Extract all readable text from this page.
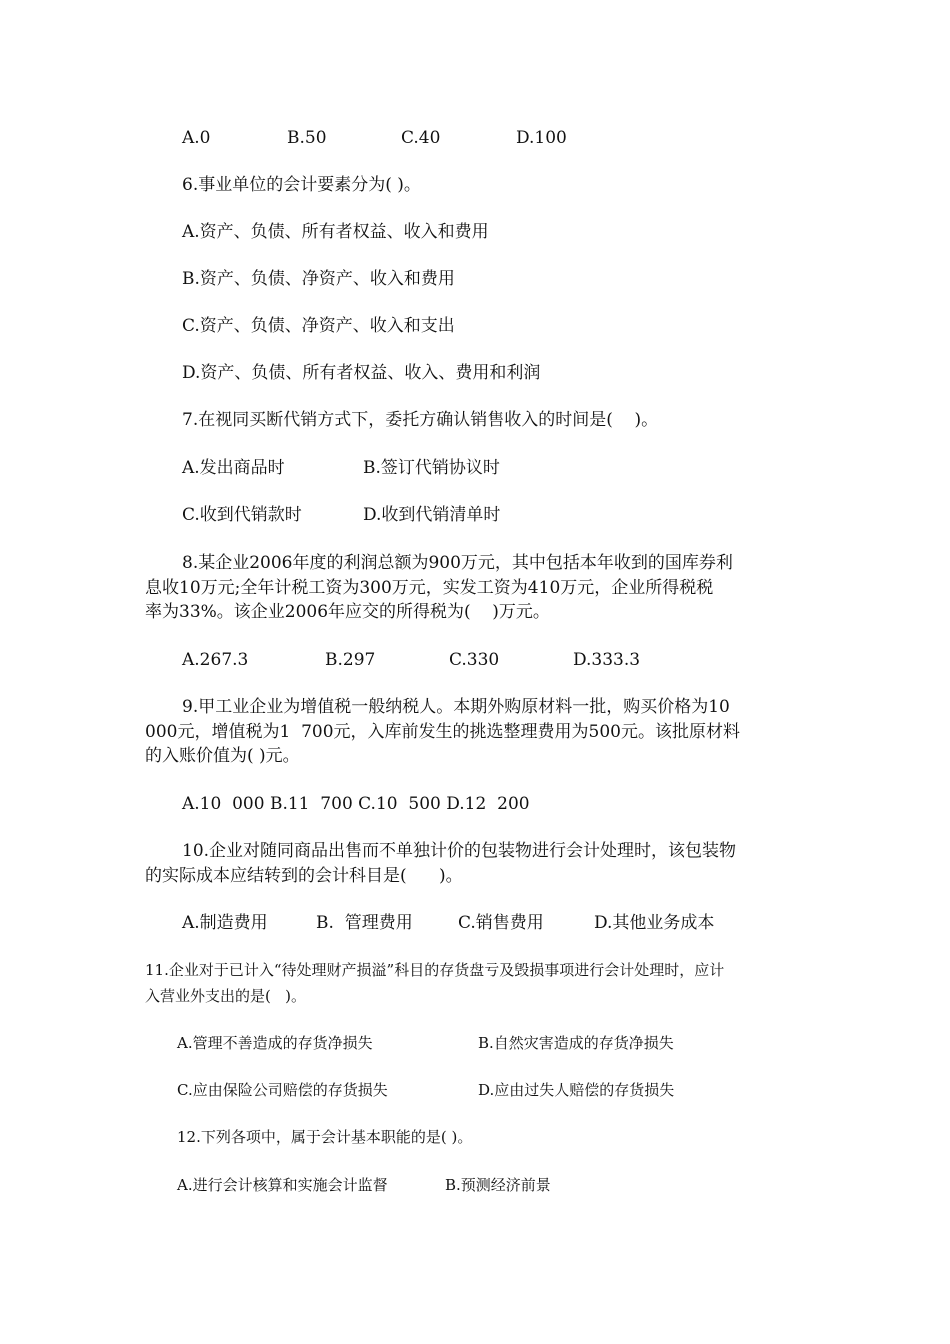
A.0	B.50	C.40	D.100
6.事业单位的会计要素分为( )。
A.资产、负债、所有者权益、收入和费用
B.资产、负债、净资产、收入和费用
C.资产、负债、净资产、收入和支出
D.资产、负债、所有者权益、收入、费用和利润
7.在视同买断代销方式下，委托方确认销售收入的时间是(    )。
A.发出商品时	B.签订代销协议时
C.收到代销款时	D.收到代销清单时
8.某企业2006年度的利润总额为900万元，其中包括本年收到的国库券利
息收10万元;全年计税工资为300万元，实发工资为410万元，企业所得税税
率为33%。该企业2006年应交的所得税为(    )万元。
A.267.3	B.297	C.330	D.333.3
9.甲工业企业为增值税一般纳税人。本期外购原材料一批，购买价格为10
000元，增值税为1  700元，入库前发生的挑选整理费用为500元。该批原材料
的入账价值为( )元。
A.10  000 B.11  700 C.10  500 D.12  200
10.企业对随同商品出售而不单独计价的包装物进行会计处理时，该包装物
的实际成本应结转到的会计科目是(      )。
A.制造费用	B.  管理费用	C.销售费用	D.其他业务成本
11.企业对于已计入“待处理财产损溢”科目的存货盘亏及毁损事项进行会计处理时，应计
入营业外支出的是(   )。
A.管理不善造成的存货净损失	B.自然灾害造成的存货净损失
C.应由保险公司赔偿的存货损失	D.应由过失人赔偿的存货损失
12.下列各项中，属于会计基本职能的是( )。
A.进行会计核算和实施会计监督	B.预测经济前景
